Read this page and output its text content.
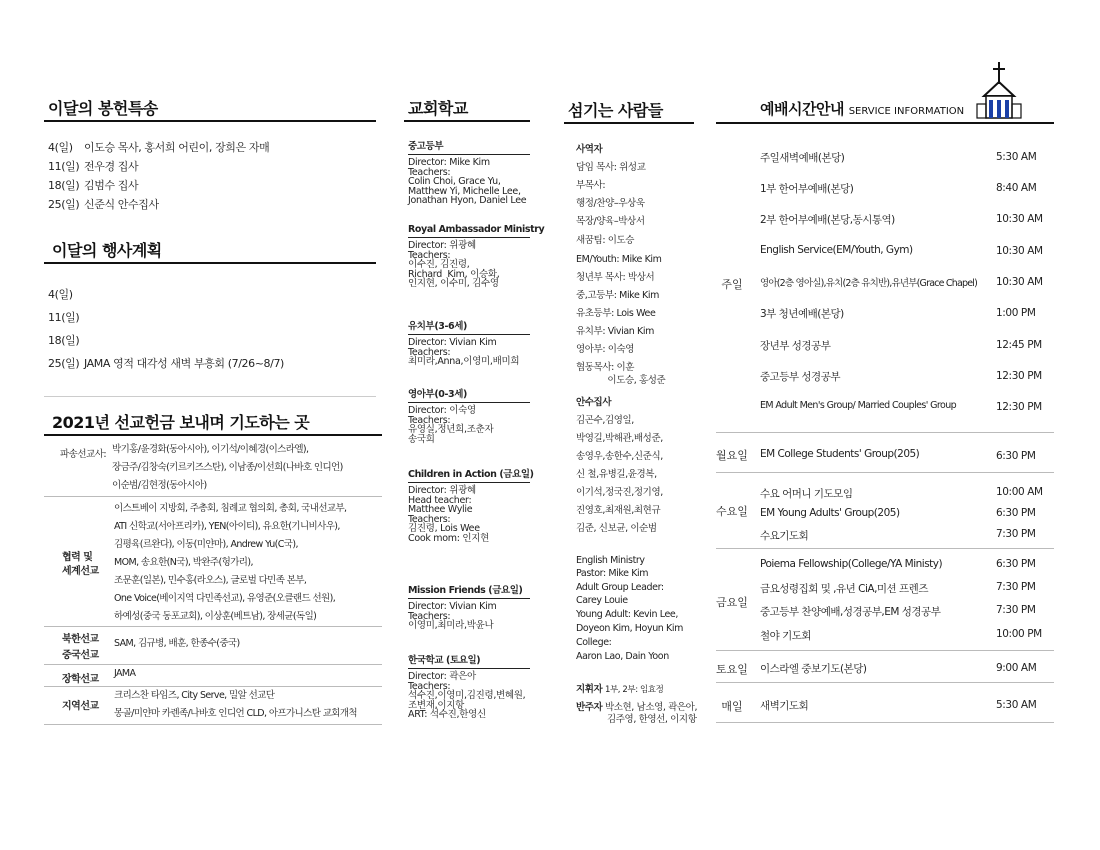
이달의 봉헌특송
4(일) 이도승 목사, 홍서희 어린이, 장희은 자매
11(일) 전우경 집사
18(일) 김범수 집사
25(일) 신준식 안수집사
이달의 행사계획
4(일)
11(일)
18(일)
25(일) JAMA 영적 대각성 새벽 부흥회 (7/26~8/7)
2021년 선교헌금 보내며 기도하는 곳
파송선교사: 박기홍/윤경화(동아시아), 이기석/이혜경(이스라엘),
장금주/김창숙(키르키즈스탄), 이남종/이선희(나바호 인디언)
이순범/김현정(동아시아)
협력 및
세계선교
이스트베이 지방회, 주총회, 침례교 협의회, 총회, 국내선교부,
ATI 신학교(서아프리카), YEN(아이티), 유요한(기니비사우),
김평육(르완다), 이동(미얀마), Andrew Yu(C국),
MOM, 송요한(N국), 박완주(헝가리),
조문훈(일본), 민수홍(라오스), 글로벌 다민족 본부,
One Voice(베이지역 다민족선교), 유영준(오클랜드 선원),
하예성(중국 동포교회), 이상훈(베트남), 장세균(독일)
북한선교
중국선교
SAM, 김규병, 배훈, 한종수(중국)
장학선교
JAMA
지역선교
크리스찬 타임즈, City Serve, 밀알 선교단
몽골/미얀마 카렌족/나바호 인디언 CLD, 아프가니스탄 교회개척
교회학교
중고등부
Director: Mike Kim
Teachers:
Colin Choi, Grace Yu,
Matthew Yi, Michelle Lee,
Jonathan Hyon, Daniel Lee
Royal Ambassador Ministry
Director: 위광혜
Teachers:
이수진, 김진령,
Richard  Kim, 이승화,
인지현, 이수미, 김수영
유치부(3-6세)
Director: Vivian Kim
Teachers:
최미라,Anna,이영미,배미희
영아부(0-3세)
Director: 이숙영
Teachers:
유영실,정년희,조춘자
송국희
Children in Action (금요일)
Director: 위광혜
Head teacher:
Matthee Wylie
Teachers:
김진령, Lois Wee
Cook mom: 인지현
Mission Friends (금요일)
Director: Vivian Kim
Teachers:
이영미,최미라,박윤나
한국학교 (토요일)
Director: 곽은아
Teachers:
석수진,이영미,김진령,변혜원,
조변재,이지항
ART: 석수진,한영신
섬기는 사람들
사역자
담임 목사: 위성교
부목사:
행정/찬양–우상욱
목장/양육–박상서
새꿈팀: 이도승
EM/Youth: Mike Kim
청년부 목사: 박상서
중,고등부: Mike Kim
유초등부: Lois Wee
유치부: Vivian Kim
영아부: 이숙영
협동목사: 이훈
이도승, 홍성준
안수집사
김곤수,김영일,
박영길,박해관,배성준,
송영우,송한수,신준식,
신 철,유병길,윤경복,
이기석,정국진,정기영,
진영호,최재원,최현규
김준, 신보균, 이순범
English Ministry
Pastor: Mike Kim
Adult Group Leader:
Carey Louie
Young Adult: Kevin Lee,
Doyeon Kim, Hoyun Kim
College:
Aaron Lao, Dain Yoon
지휘자 1부, 2부: 임효정
반주자 박소현, 남소영, 곽은아,
김주영, 한영선, 이지항
예배시간안내 SERVICE INFORMATION
주일
주일새벽예배(본당)	5:30 AM
1부 한어부예배(본당)	8:40 AM
2부 한어부예배(본당,동시통역)	10:30 AM
English Service(EM/Youth, Gym)	10:30 AM
영아(2층 영아실),유치(2층 유치반),유년부(Grace Chapel) 10:30 AM
3부 청년예배(본당)	1:00 PM
장년부 성경공부	12:45 PM
중고등부 성경공부	12:30 PM
EM Adult Men's Group/ Married Couples' Group	12:30 PM
월요일 EM College Students' Group(205)	6:30 PM
수요일
수요 어머니 기도모임	10:00 AM
EM Young Adults' Group(205)	6:30 PM
수요기도회	7:30 PM
금요일
Poiema Fellowship(College/YA Ministy)	6:30 PM
금요성령집회 및 ,유년 CiA,미션 프렌즈	7:30 PM
중고등부 찬양예배,성경공부,EM 성경공부	7:30 PM
철야 기도회	10:00 PM
토요일 이스라엘 중보기도(본당)	9:00 AM
매일	새벽기도회	5:30 AM
